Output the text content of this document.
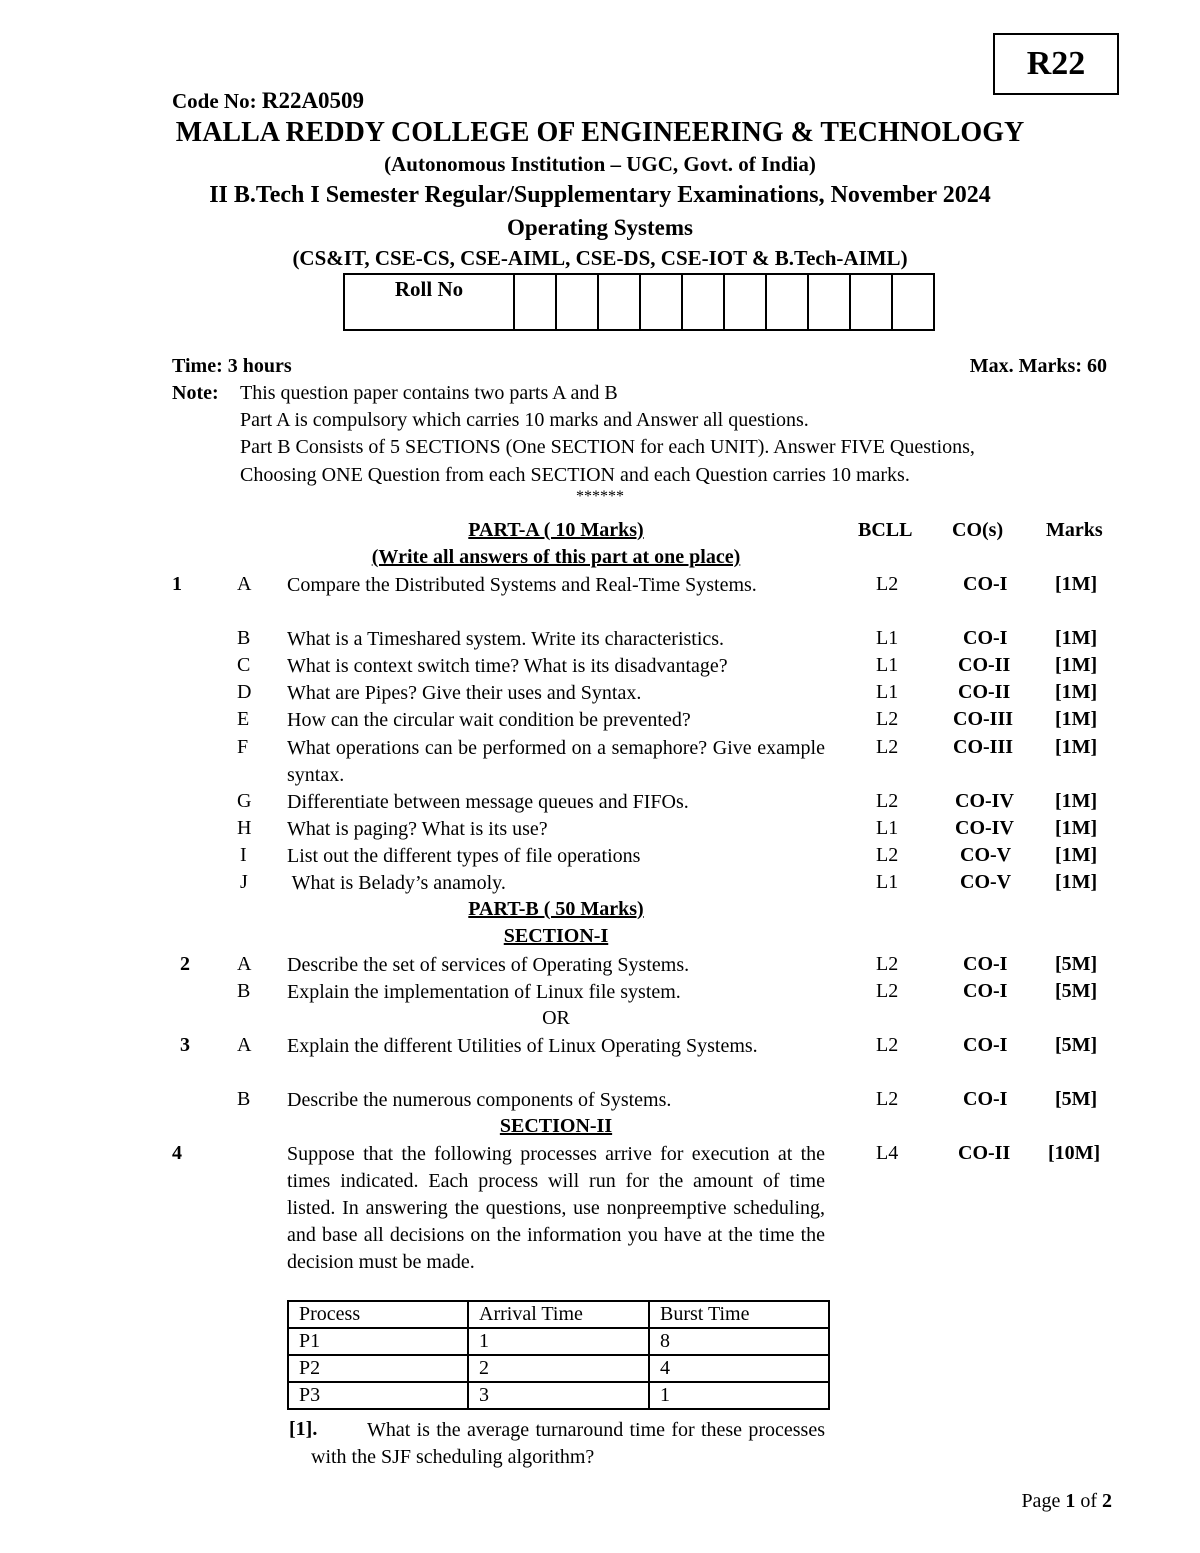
R22
Code No: R22A0509
MALLA REDDY COLLEGE OF ENGINEERING & TECHNOLOGY
(Autonomous Institution – UGC, Govt. of India)
II B.Tech I Semester Regular/Supplementary Examinations, November 2024
Operating Systems
(CS&IT, CSE-CS, CSE-AIML, CSE-DS, CSE-IOT & B.Tech-AIML)
Roll No										
Time: 3 hours	Max. Marks: 60
Note: This question paper contains two parts A and B
Part A is compulsory which carries 10 marks and Answer all questions.
Part B Consists of 5 SECTIONS (One SECTION for each UNIT). Answer FIVE Questions,
Choosing ONE Question from each SECTION and each Question carries 10 marks.
******
PART-A ( 10 Marks)	BCLL CO(s) Marks
(Write all answers of this part at one place)
1	A Compare the Distributed Systems and Real-Time Systems.	L2	CO-I [1M]
B What is a Timeshared system. Write its characteristics.	L1	CO-I [1M]
C What is context switch time? What is its disadvantage?	L1	CO-II [1M]
D What are Pipes? Give their uses and Syntax.	L1	CO-II [1M]
E How can the circular wait condition be prevented?	L2	CO-III [1M]
F What operations can be performed on a semaphore? Give example syntax.
L2	CO-III [1M]
G Differentiate between message queues and FIFOs.	L2	CO-IV [1M]
H What is paging? What is its use?	L1	CO-IV [1M]
I List out the different types of file operations	L2	CO-V [1M]
J What is Belady’s anamoly.	L1	CO-V [1M]
PART-B ( 50 Marks)
SECTION-I
2 A Describe the set of services of Operating Systems.	L2	CO-I [5M]
B Explain the implementation of Linux file system.	L2	CO-I [5M]
OR
3 A Explain the different Utilities of Linux Operating Systems.	L2	CO-I [5M]
B Describe the numerous components of Systems.	L2	CO-I [5M]
SECTION-II
4	Suppose that the following processes arrive for execution at the times indicated. Each process will run for the amount of time listed. In answering the questions, use nonpreemptive scheduling, and base all decisions on the information you have at the time the decision must be made.
L4	CO-II [10M]
Process	Arrival Time	Burst Time
P1	1	8
P2	2	4
P3	3	1
[1].	What is the average turnaround time for these processes with the SJF scheduling algorithm?
Page 1 of 2
